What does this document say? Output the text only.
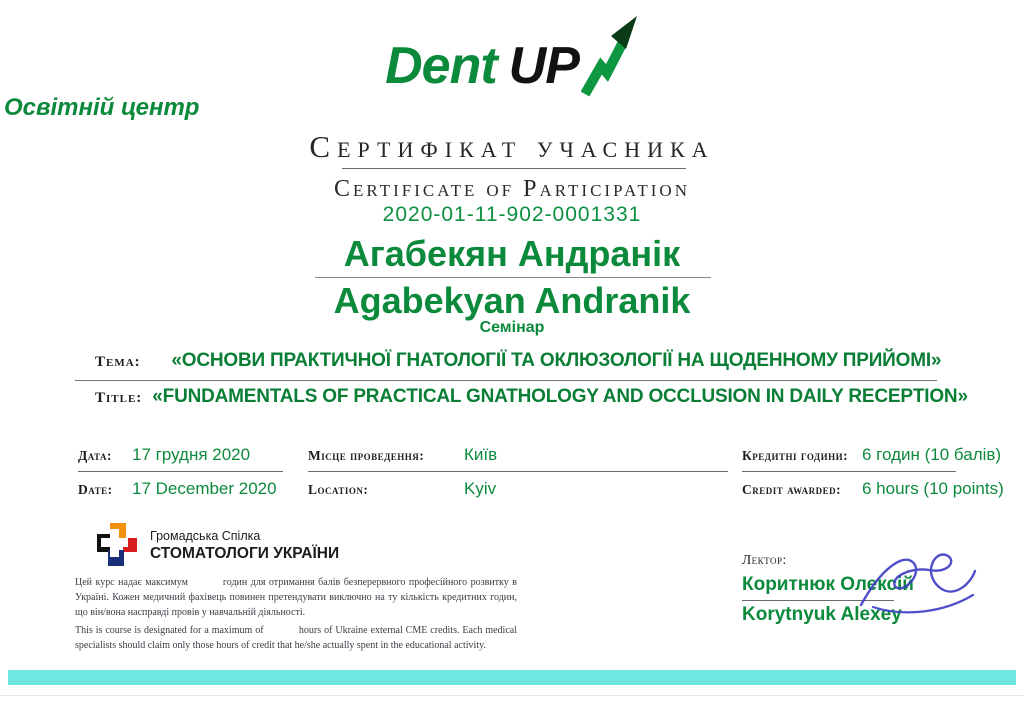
Dent UP
Освітній центр
Сертифікат учасника
Certificate of Participation
2020-01-11-902-0001331
Агабекян Андранік
Agabekyan Andranik
Семінар
Тема:	«ОСНОВИ ПРАКТИЧНОЇ ГНАТОЛОГІЇ ТА ОКЛЮЗОЛОГІЇ НА ЩОДЕННОМУ ПРИЙОМІ»
Title: «FUNDAMENTALS OF PRACTICAL GNATHOLOGY AND OCCLUSION IN DAILY RECEPTION»
Дата:	17 грудня 2020
Date:	17 December 2020
Місце проведення:	Київ
Location:	Kyiv
Кредитні години: 6 годин (10 балів)
Credit awarded:	6 hours (10 points)
Громадська Спілка
СТОМАТОЛОГИ УКРАЇНИ

Цей курс надає максимум          годин для отримання балів безперервного професійного розвитку в Україні. Кожен медичний фахівець повинен претендувати виключно на ту кількість кредитних годин, що він/вона насправді провів у навчальній діяльності.

This is course is designated for a maximum of            hours of Ukraine external CME credits. Each medical specialists should claim only those hours of credit that he/she actually spent in the educational activity.

Лектор:
Коритнюк Олексій
Korytnyuk Alexey
